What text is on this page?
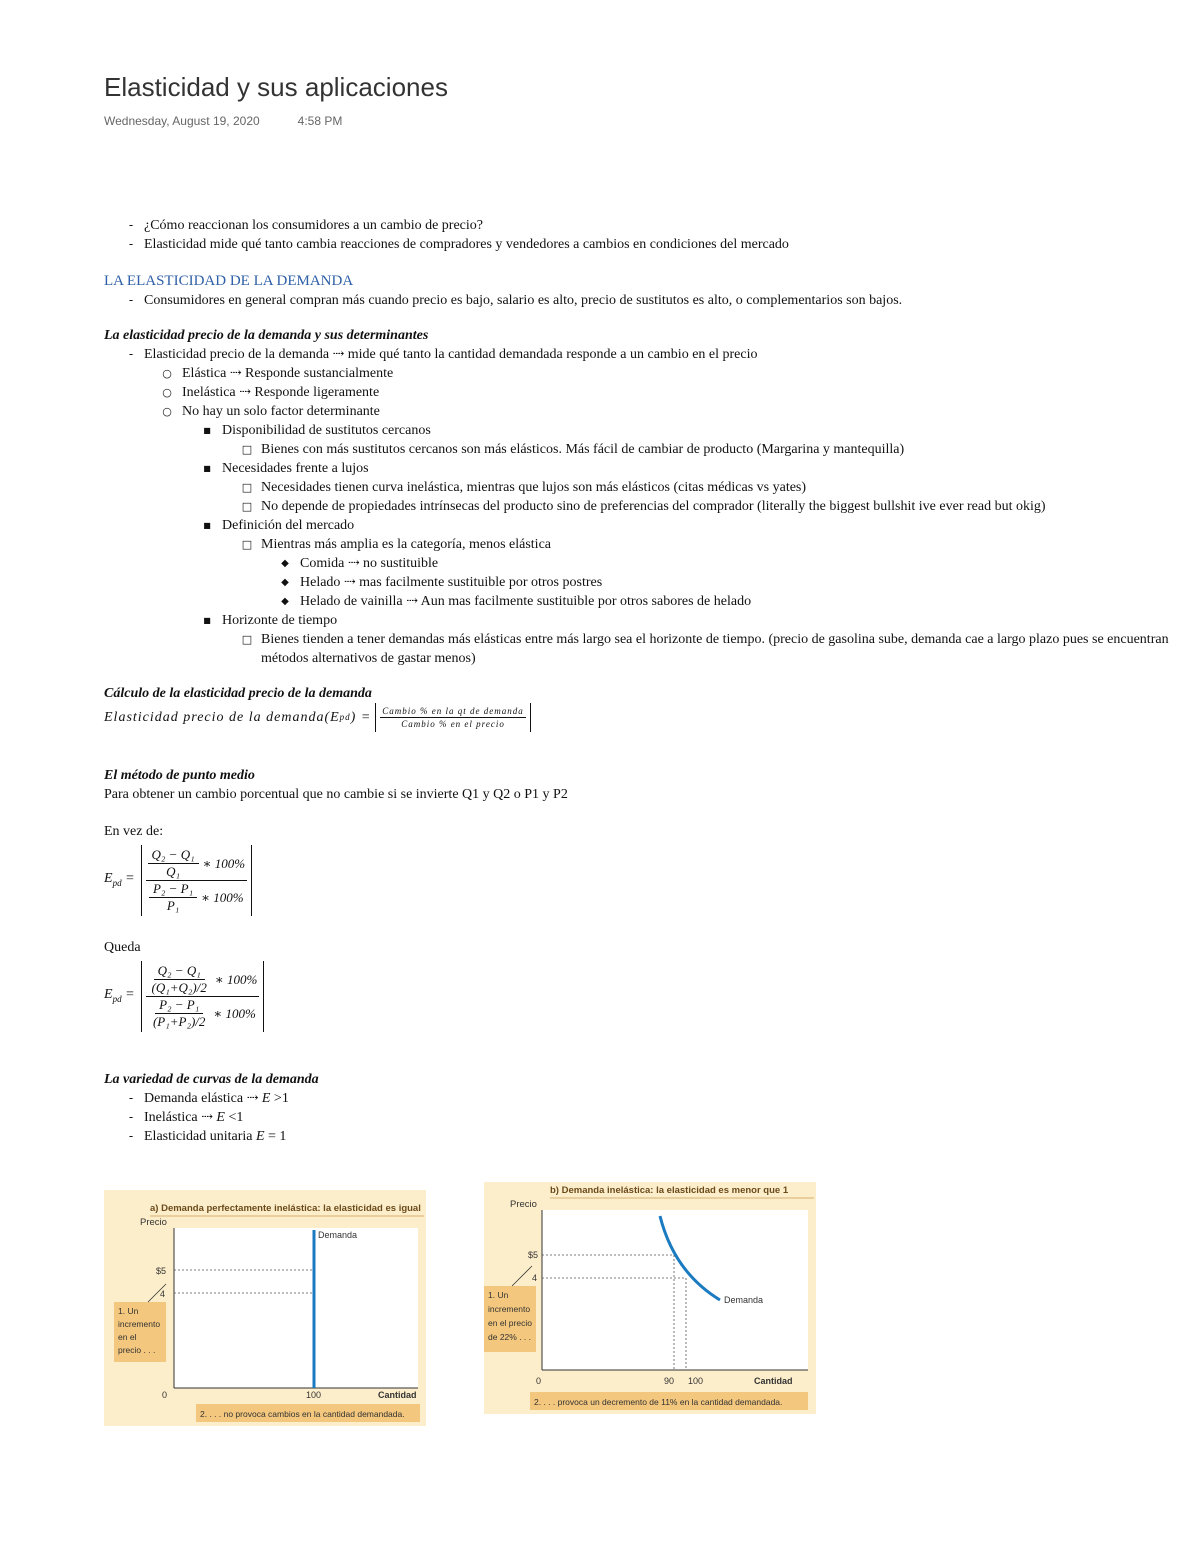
Elasticidad y sus aplicaciones
Wednesday, August 19, 2020	4:58 PM
- ¿Cómo reaccionan los consumidores a un cambio de precio?
- Elasticidad mide qué tanto cambia reacciones de compradores y vendedores a cambios en condiciones del mercado
LA ELASTICIDAD DE LA DEMANDA
- Consumidores en general compran más cuando precio es bajo, salario es alto, precio de sustitutos es alto, o complementarios son bajos.
La elasticidad precio de la demanda y sus determinantes
- Elasticidad precio de la demanda ⇢ mide qué tanto la cantidad demandada responde a un cambio en el precio
○ Elástica ⇢ Responde sustancialmente
○ Inelástica ⇢ Responde ligeramente
○ No hay un solo factor determinante
■ Disponibilidad de sustitutos cercanos
□ Bienes con más sustitutos cercanos son más elásticos. Más fácil de cambiar de producto (Margarina y mantequilla)
■ Necesidades frente a lujos
□ Necesidades tienen curva inelástica, mientras que lujos son más elásticos (citas médicas vs yates)
□ No depende de propiedades intrínsecas del producto sino de preferencias del comprador (literally the biggest bullshit ive ever read but okig)
■ Definición del mercado
□ Mientras más amplia es la categoría, menos elástica
◆ Comida ⇢ no sustituible
◆ Helado ⇢ mas facilmente sustituible por otros postres
◆ Helado de vainilla ⇢ Aun mas facilmente sustituible por otros sabores de helado
■ Horizonte de tiempo
□ Bienes tienden a tener demandas más elásticas entre más largo sea el horizonte de tiempo. (precio de gasolina sube, demanda cae a largo plazo pues se encuentran métodos alternativos de gastar menos)
Cálculo de la elasticidad precio de la demanda
Elasticidad precio de la demanda (E pd ) = $\frac{\text{Cambio \% en la qt de demanda}}{\text{Cambio \% en el precio}}$
El método de punto medio

Para obtener un cambio porcentual que no cambie si se invierte Q1 y Q2 o P1 y P2

En vez de:

$E_{pd} = \frac{\frac{\text{Q₂ − Q₁}}{\text{Q₁}} ∗ 100\%}{\frac{\text{P₂ − P₁}}{\text{P₁}} ∗ 100\%}$

Queda

$E_{pd} = \frac{\frac{\text{Q₂ − Q₁}}{\text{(Q₁+Q₂)/2}} ∗ 100\%}{\frac{\text{P₂ − P₁}}{\text{(P₁+P₂)/2}} ∗ 100\%}$
La variedad de curvas de la demanda
- Demanda elástica ⇢ E >1
- Inelástica ⇢ E <1
- Elasticidad unitaria E = 1
a) Demanda perfectamente inelástica: la elasticidad es igual
Precio
$5
4
Demanda
1. Un incremento en el precio . . .
0	100	Cantidad
2. . . . no provoca cambios en la cantidad demandada.
b) Demanda inelástica: la elasticidad es menor que 1
Precio
$5
4
Demanda
1. Un incremento en el precio de 22% . . .
0	90 100	Cantidad
2. . . . provoca un decremento de 11% en la cantidad demandada.
